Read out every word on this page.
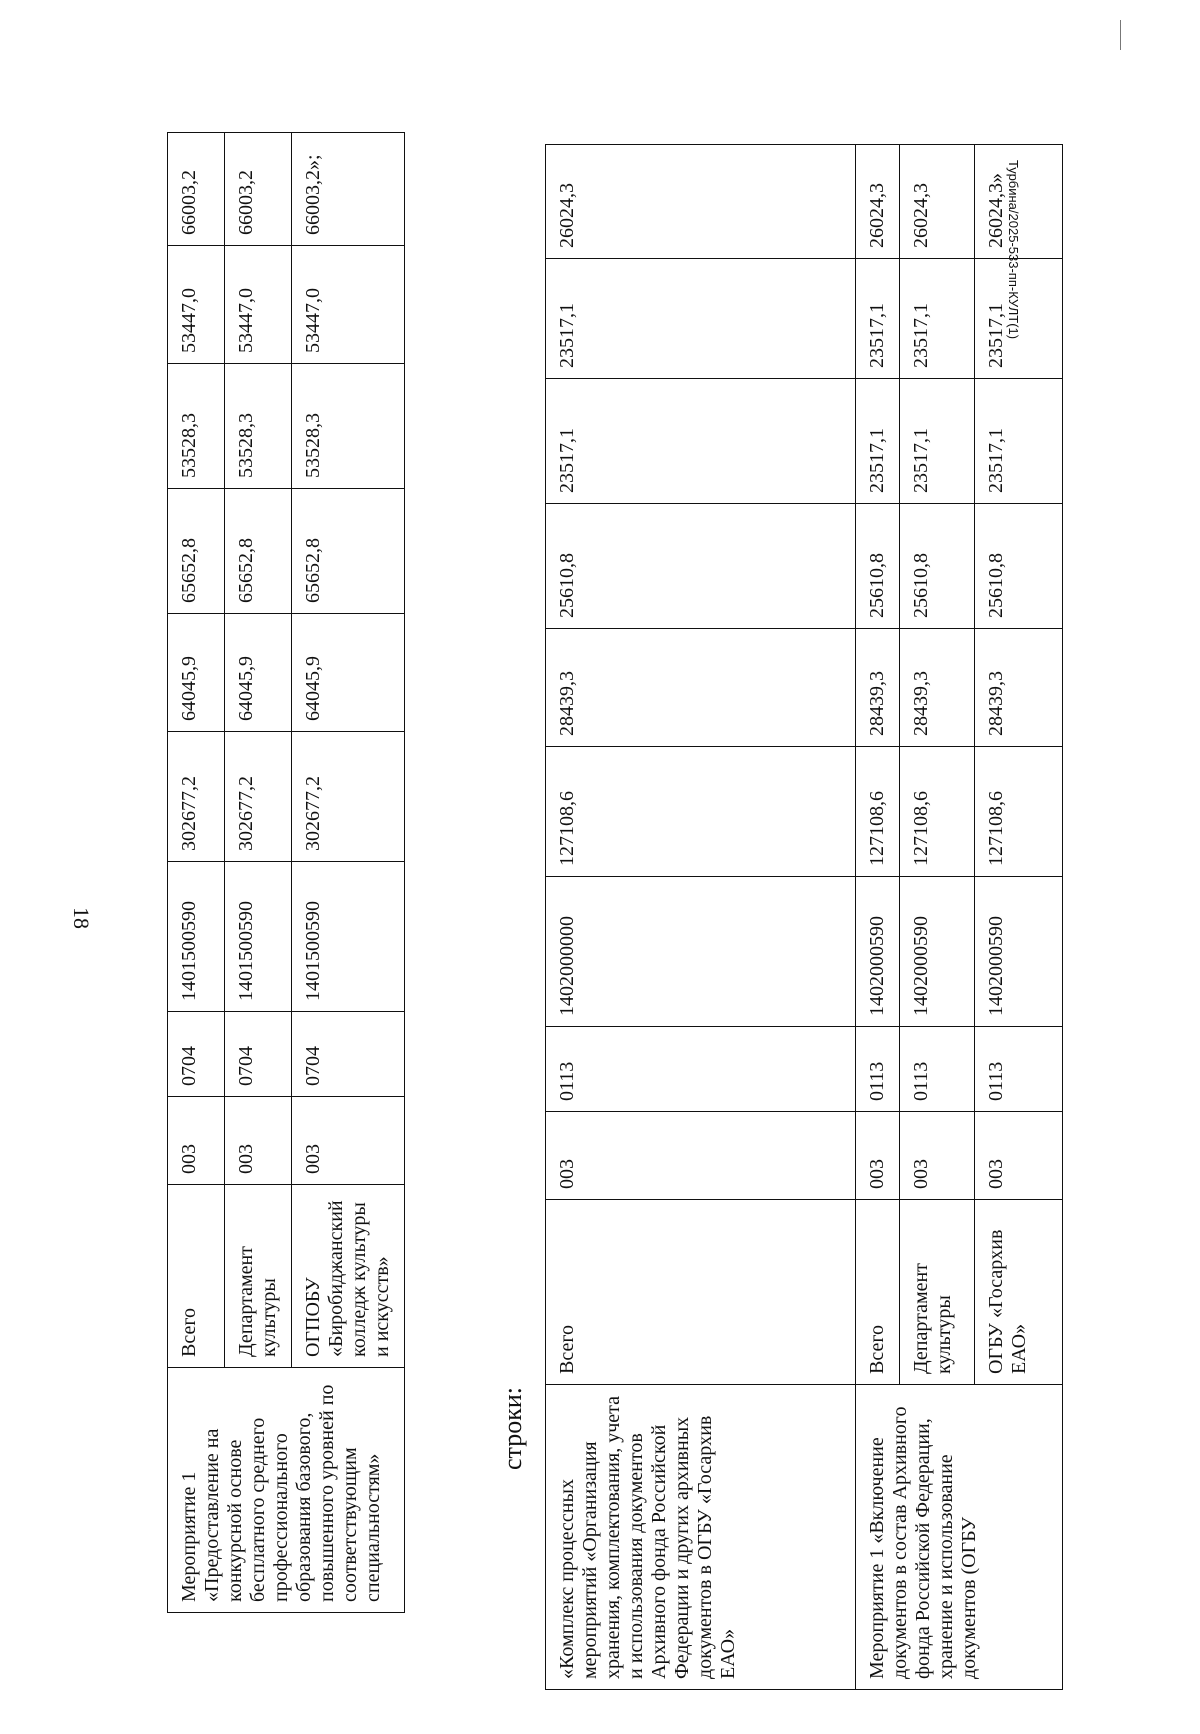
18
Турбина/2025-533-пп-КУЛТ(1)
Мероприятие 1 «Предоставление на конкурсной основе бесплатного среднего профессионального образования базового, повышенного уровней по соответствующим специальностям»	Всего	003	0704	1401500590	302677,2	64045,9	65652,8	53528,3	53447,0	66003,2
	Департамент культуры	003	0704	1401500590	302677,2	64045,9	65652,8	53528,3	53447,0	66003,2
	ОГПОБУ «Биробиджанский колледж культуры и искусств»	003	0704	1401500590	302677,2	64045,9	65652,8	53528,3	53447,0	66003,2»;
строки:
«Комплекс процессных мероприятий «Организация хранения, комплектования, учета и использования документов Архивного фонда Российской Федерации и других архивных документов в ОГБУ «Госархив ЕАО»	Всего	003	0113	1402000000	127108,6	28439,3	25610,8	23517,1	23517,1	26024,3
Мероприятие 1 «Включение документов в состав Архивного фонда Российской Федерации, хранение и использование документов (ОГБУ	Всего	003	0113	1402000590	127108,6	28439,3	25610,8	23517,1	23517,1	26024,3
	Департамент культуры	003	0113	1402000590	127108,6	28439,3	25610,8	23517,1	23517,1	26024,3
	ОГБУ «Госархив ЕАО»	003	0113	1402000590	127108,6	28439,3	25610,8	23517,1	23517,1	26024,3»
